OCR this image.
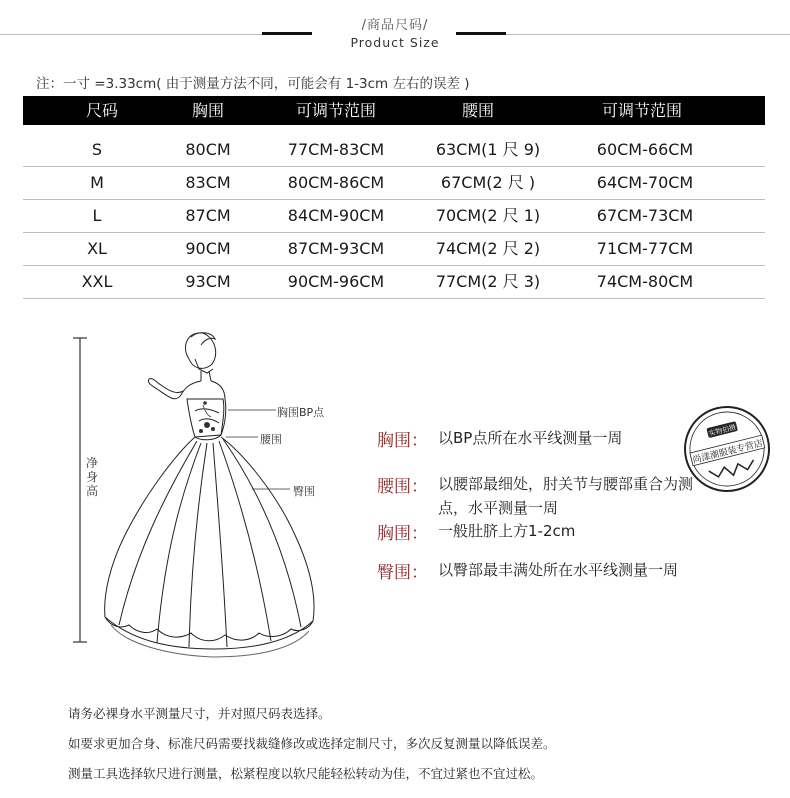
/商品尺码/
Product Size
注：一寸 =3.33cm( 由于测量方法不同，可能会有 1-3cm 左右的误差 )
尺码	胸围	可调节范围	腰围	可调节范围
S	80CM	77CM-83CM	63CM(1 尺 9)	60CM-66CM
M	83CM	80CM-86CM	67CM(2 尺 )	64CM-70CM
L	87CM	84CM-90CM	70CM(2 尺 1)	67CM-73CM
XL	90CM	87CM-93CM	74CM(2 尺 2)	71CM-77CM
XXL	93CM	90CM-96CM	77CM(2 尺 3)	74CM-80CM
净身高
胸围BP点
腰围
臀围
胸围： 以BP点所在水平线测量一周
腰围： 以腰部最细处，肘关节与腰部重合为测
点，水平测量一周
胸围： 一般肚脐上方1-2cm
臀围： 以臀部最丰满处所在水平线测量一周
实物拍摄
尚漾潮服装专营店
请务必裸身水平测量尺寸，并对照尺码表选择。
如要求更加合身、标准尺码需要找裁缝修改或选择定制尺寸，多次反复测量以降低误差。
测量工具选择软尺进行测量，松紧程度以软尺能轻松转动为佳，不宜过紧也不宜过松。
